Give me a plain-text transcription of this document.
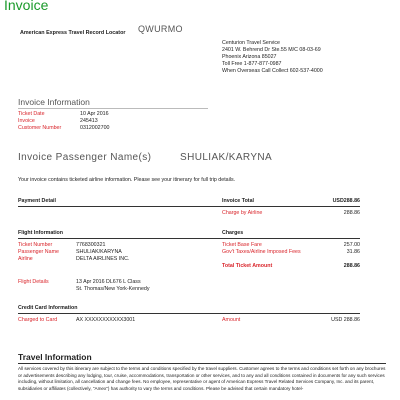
Invoice
American Express Travel Record Locator QWURMO
Centurion Travel Service
2401 W. Behrend Dr Ste.55 M/C 08-03-69
Phoenix Arizona 85027
Toll Free 1-877-877-0987
When Overseas Call Collect 602-537-4000
Invoice Information
Ticket Date	10 Apr 2016
Invoice	245413
Customer Number	0312002700
Invoice Passenger Name(s)	SHULIAK/KARYNA
Your invoice contains ticketed airline information. Please see your itinerary for full trip details.
Payment Detail	Invoice Total	USD288.86
Charge by Airline	288.86
Flight Information	Charges
Ticket Number	7768300321
Passenger Name	SHULIAK/KARYNA
Airline	DELTA AIRLINES INC.
Ticket Base Fare	257.00
Gov't Taxes/Airline Imposed Fees	31.86
Total Ticket Amount	288.86
Flight Details	13 Apr 2016 DL676 L Class
St. Thomas/New York-Kennedy
Credit Card Information
Charged to Card	AX XXXXXXXXXXX3001	Amount	USD 288.86
Travel Information
All services covered by this itinerary are subject to the terms and conditions specified by the travel suppliers. Customer agrees to the terms and conditions set forth on any brochures or advertisements describing any lodging, tour, cruise, accommodations, transportation or other services, and to any and all conditions contained in documents for any such services including, without limitation, all cancellation and change fees. No employee, representative or agent of American Express Travel Related Services Company, Inc. and its parent, subsidiaries or affiliates (collectively, "Amex") has authority to vary the terms and conditions. Please be advised that certain mandatory hotel-
